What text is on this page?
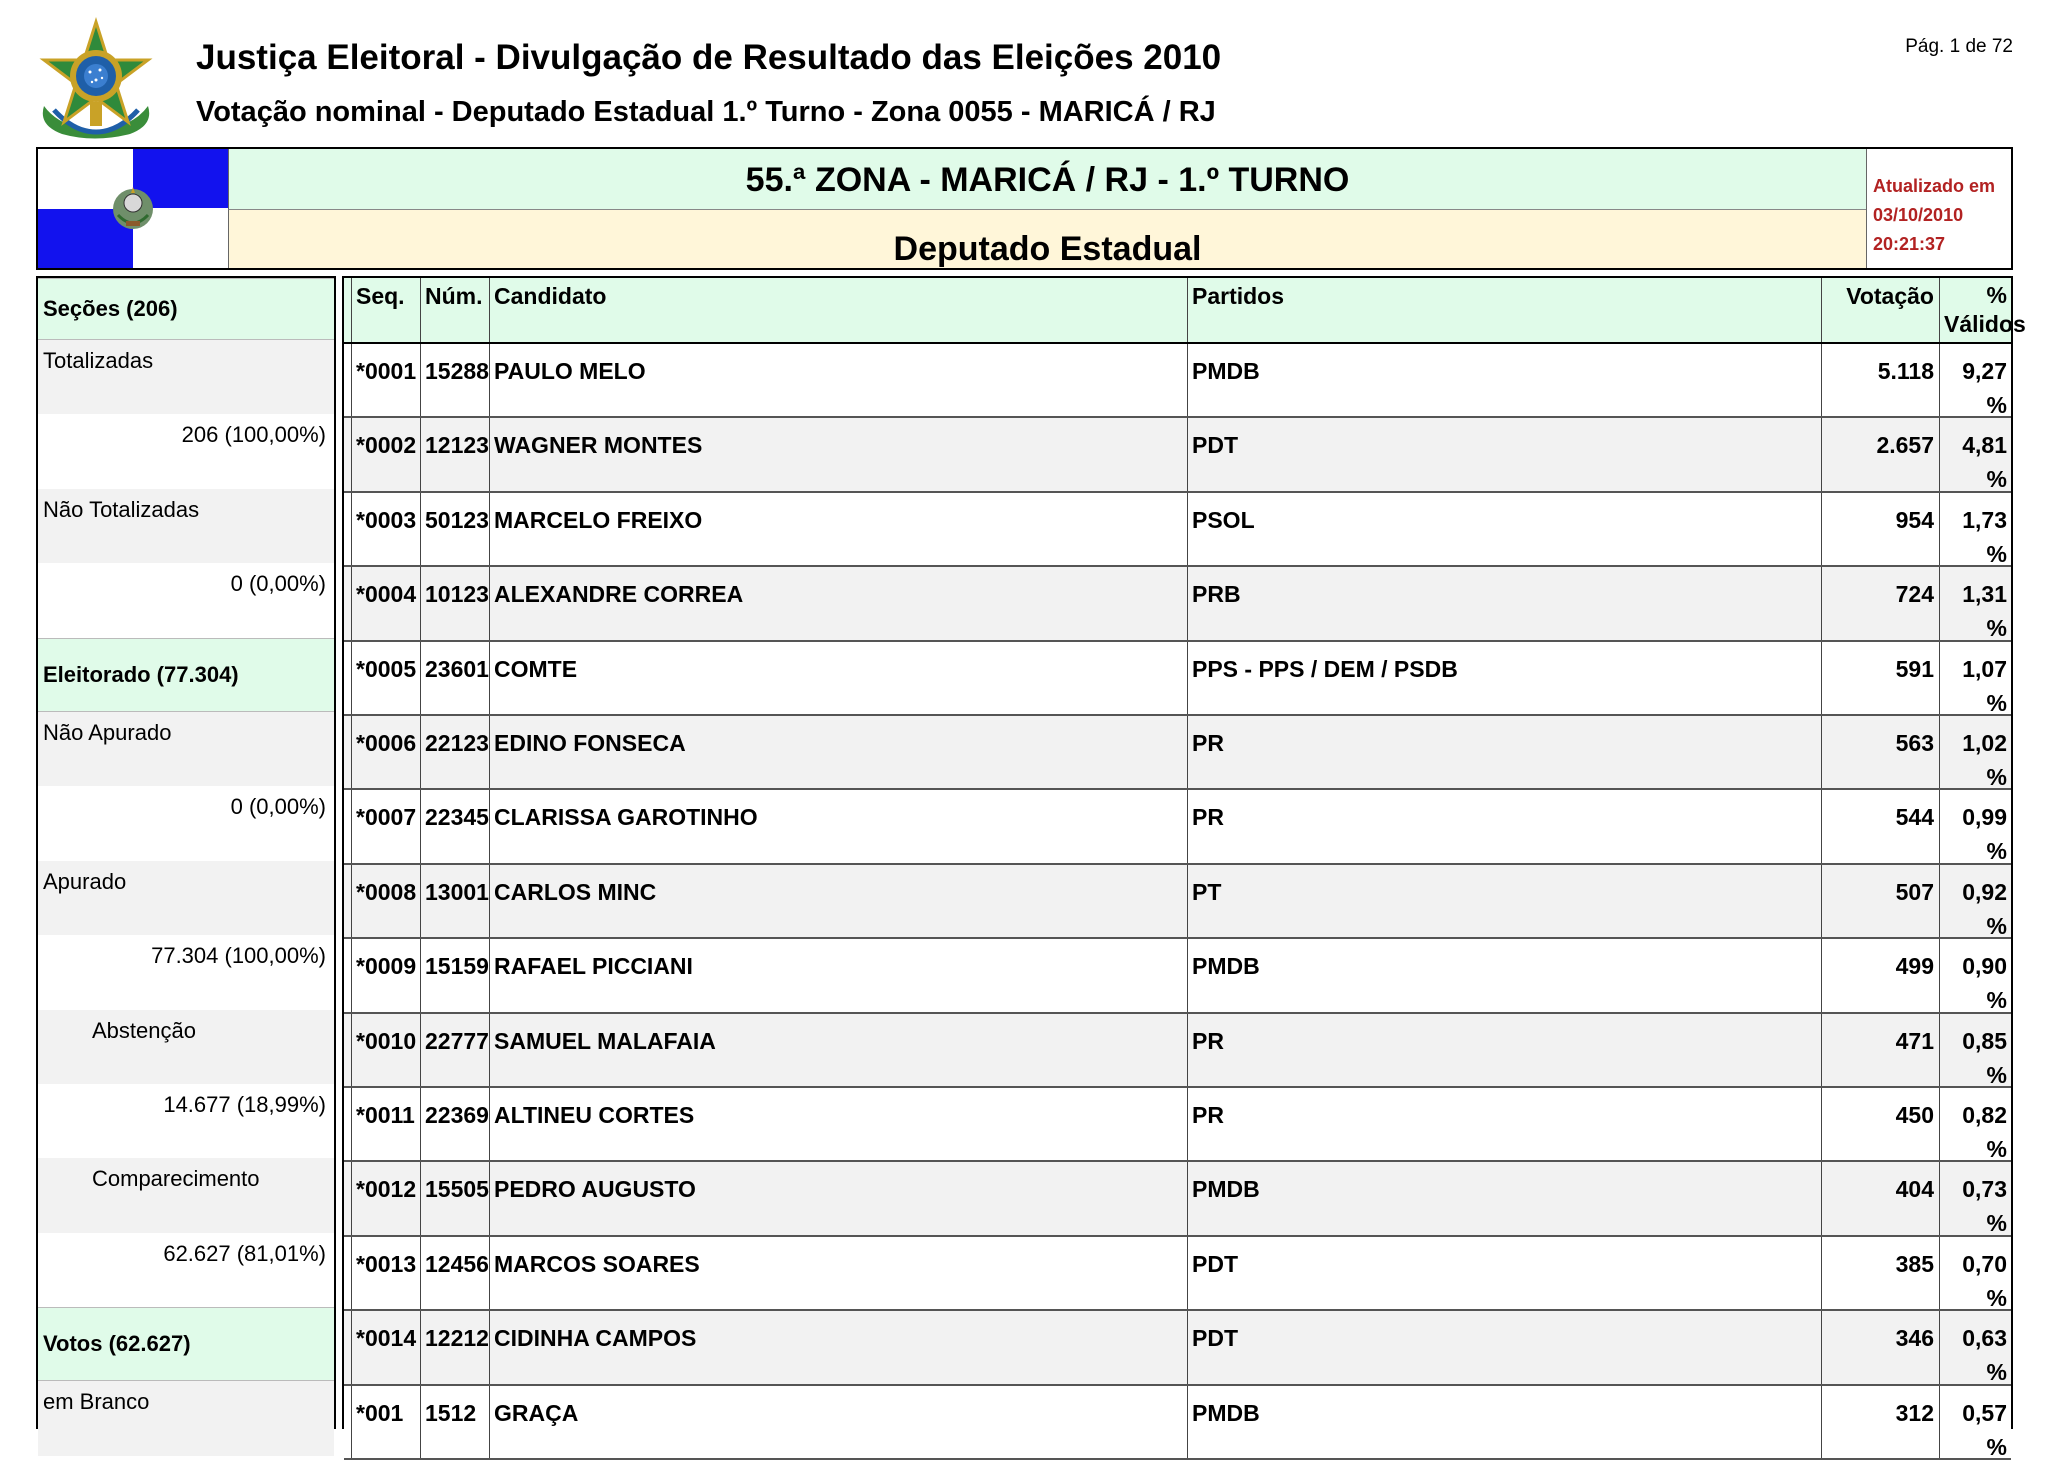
Justiça Eleitoral - Divulgação de Resultado das Eleições 2010
Votação nominal - Deputado Estadual 1.º Turno - Zona 0055 - MARICÁ / RJ
Pág. 1 de 72
55.ª ZONA - MARICÁ / RJ - 1.º TURNO
Deputado Estadual
Atualizado em
03/10/2010
20:21:37
Seções (206)
Totalizadas
206 (100,00%)
Não Totalizadas
0 (0,00%)
Eleitorado (77.304)
Não Apurado
0 (0,00%)
Apurado
77.304 (100,00%)
Abstenção
14.677 (18,99%)
Comparecimento
62.627 (81,01%)
Votos (62.627)
em Branco
Seq. Núm. Candidato	Partidos	Votação	%
Válidos
*0001 15288 PAULO MELO	PMDB	5.118	9,27 %
*0002 12123 WAGNER MONTES	PDT	2.657	4,81 %
*0003 50123 MARCELO FREIXO	PSOL	954	1,73 %
*0004 10123 ALEXANDRE CORREA	PRB	724	1,31 %
*0005 23601 COMTE	PPS - PPS / DEM / PSDB	591	1,07 %
*0006 22123 EDINO FONSECA	PR	563	1,02 %
*0007 22345 CLARISSA GAROTINHO	PR	544	0,99 %
*0008 13001 CARLOS MINC	PT	507	0,92 %
*0009 15159 RAFAEL PICCIANI	PMDB	499	0,90 %
*0010 22777 SAMUEL MALAFAIA	PR	471	0,85 %
*0011 22369 ALTINEU CORTES	PR	450	0,82 %
*0012 15505 PEDRO AUGUSTO	PMDB	404	0,73 %
*0013 12456 MARCOS SOARES	PDT	385	0,70 %
*0014 12212 CIDINHA CAMPOS	PDT	346	0,63 %
*001 1512 GRAÇA	PMDB	312	0,57 %
